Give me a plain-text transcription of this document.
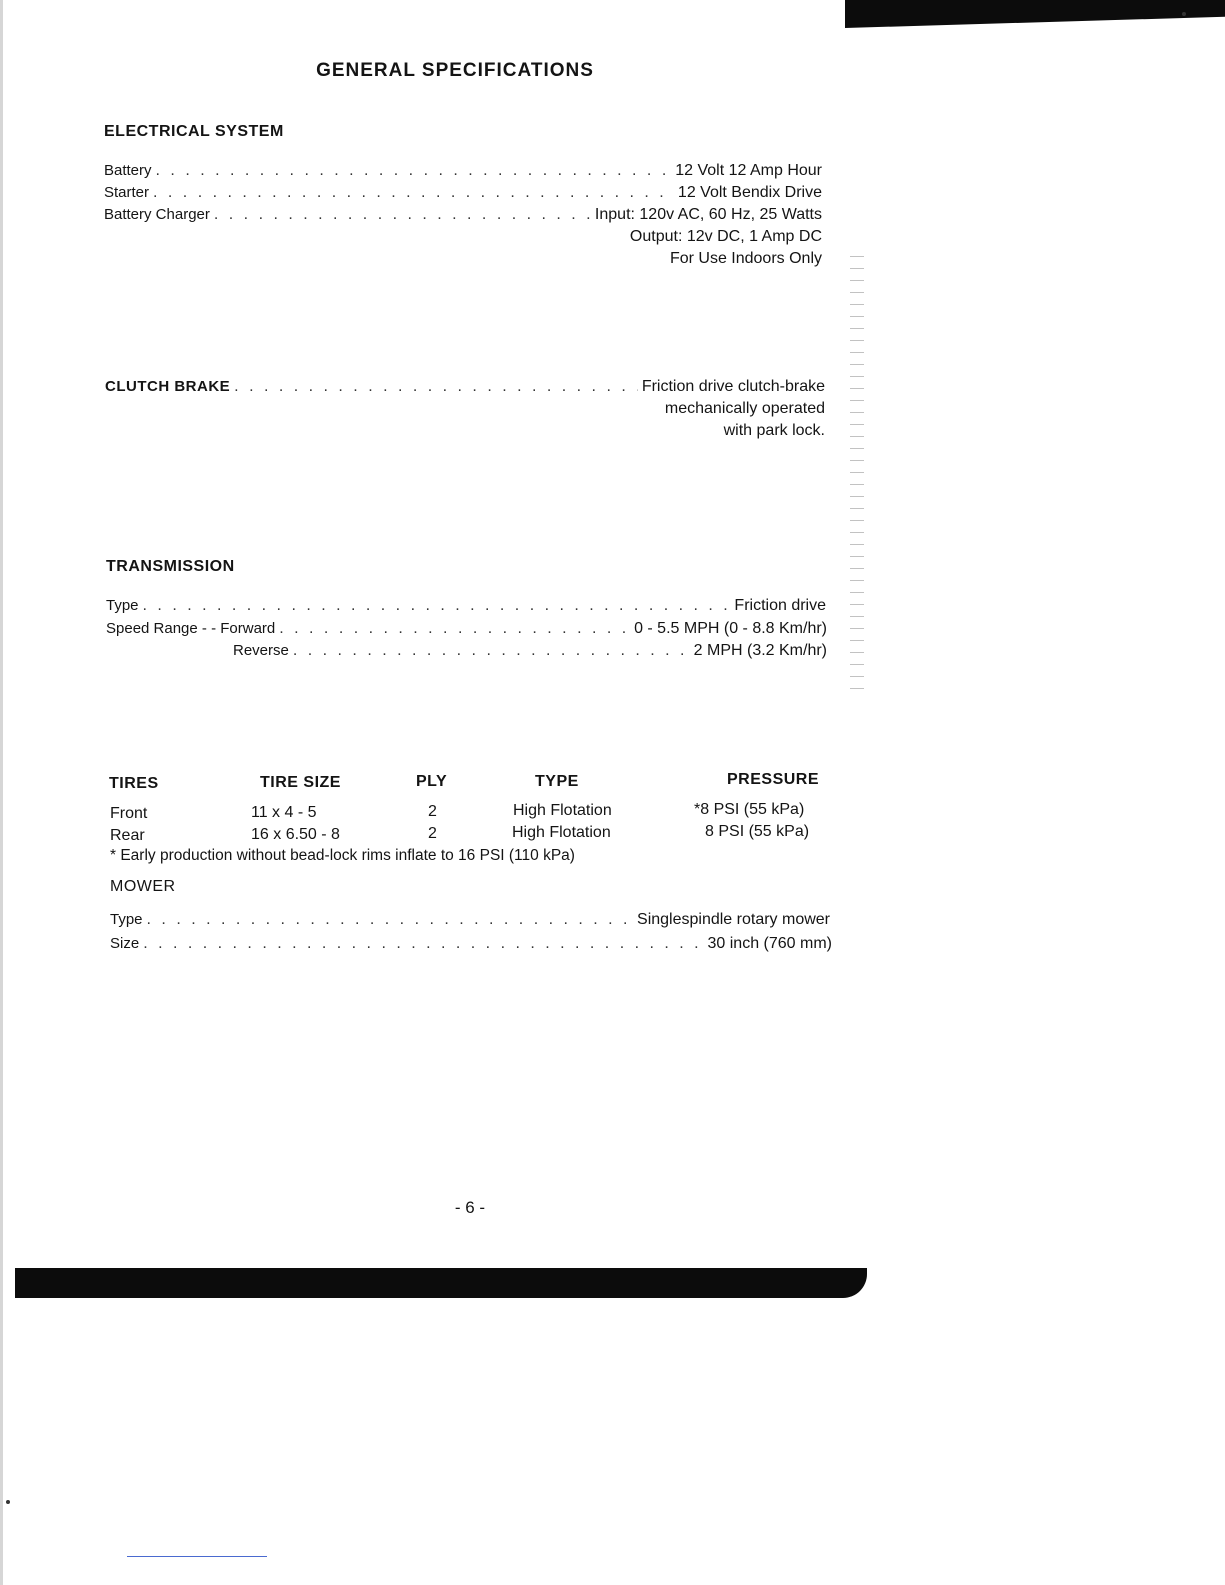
GENERAL SPECIFICATIONS
ELECTRICAL SYSTEM
Battery . . .	12 Volt 12 Amp Hour
Starter . . .	12 Volt Bendix Drive
Battery Charger . . .	Input: 120v AC, 60 Hz, 25 Watts
Output: 12v DC, 1 Amp DC
For Use Indoors Only
CLUTCH BRAKE . . .	Friction drive clutch-brake
mechanically operated
with park lock.
TRANSMISSION
Type . . .	Friction drive
Speed Range - - Forward . . .	0 - 5.5 MPH (0 - 8.8 Km/hr)
Reverse . . .	2 MPH (3.2 Km/hr)
TIRES	TIRE SIZE	PLY	TYPE	PRESSURE
Front	11 x 4 - 5	2	High Flotation	*8 PSI (55 kPa)
Rear	16 x 6.50 - 8	2	High Flotation	8 PSI (55 kPa)
* Early production without bead-lock rims inflate to 16 PSI (110 kPa)
MOWER
Type . . .	Singlespindle rotary mower
Size . . .	30 inch (760 mm)
- 6 -
